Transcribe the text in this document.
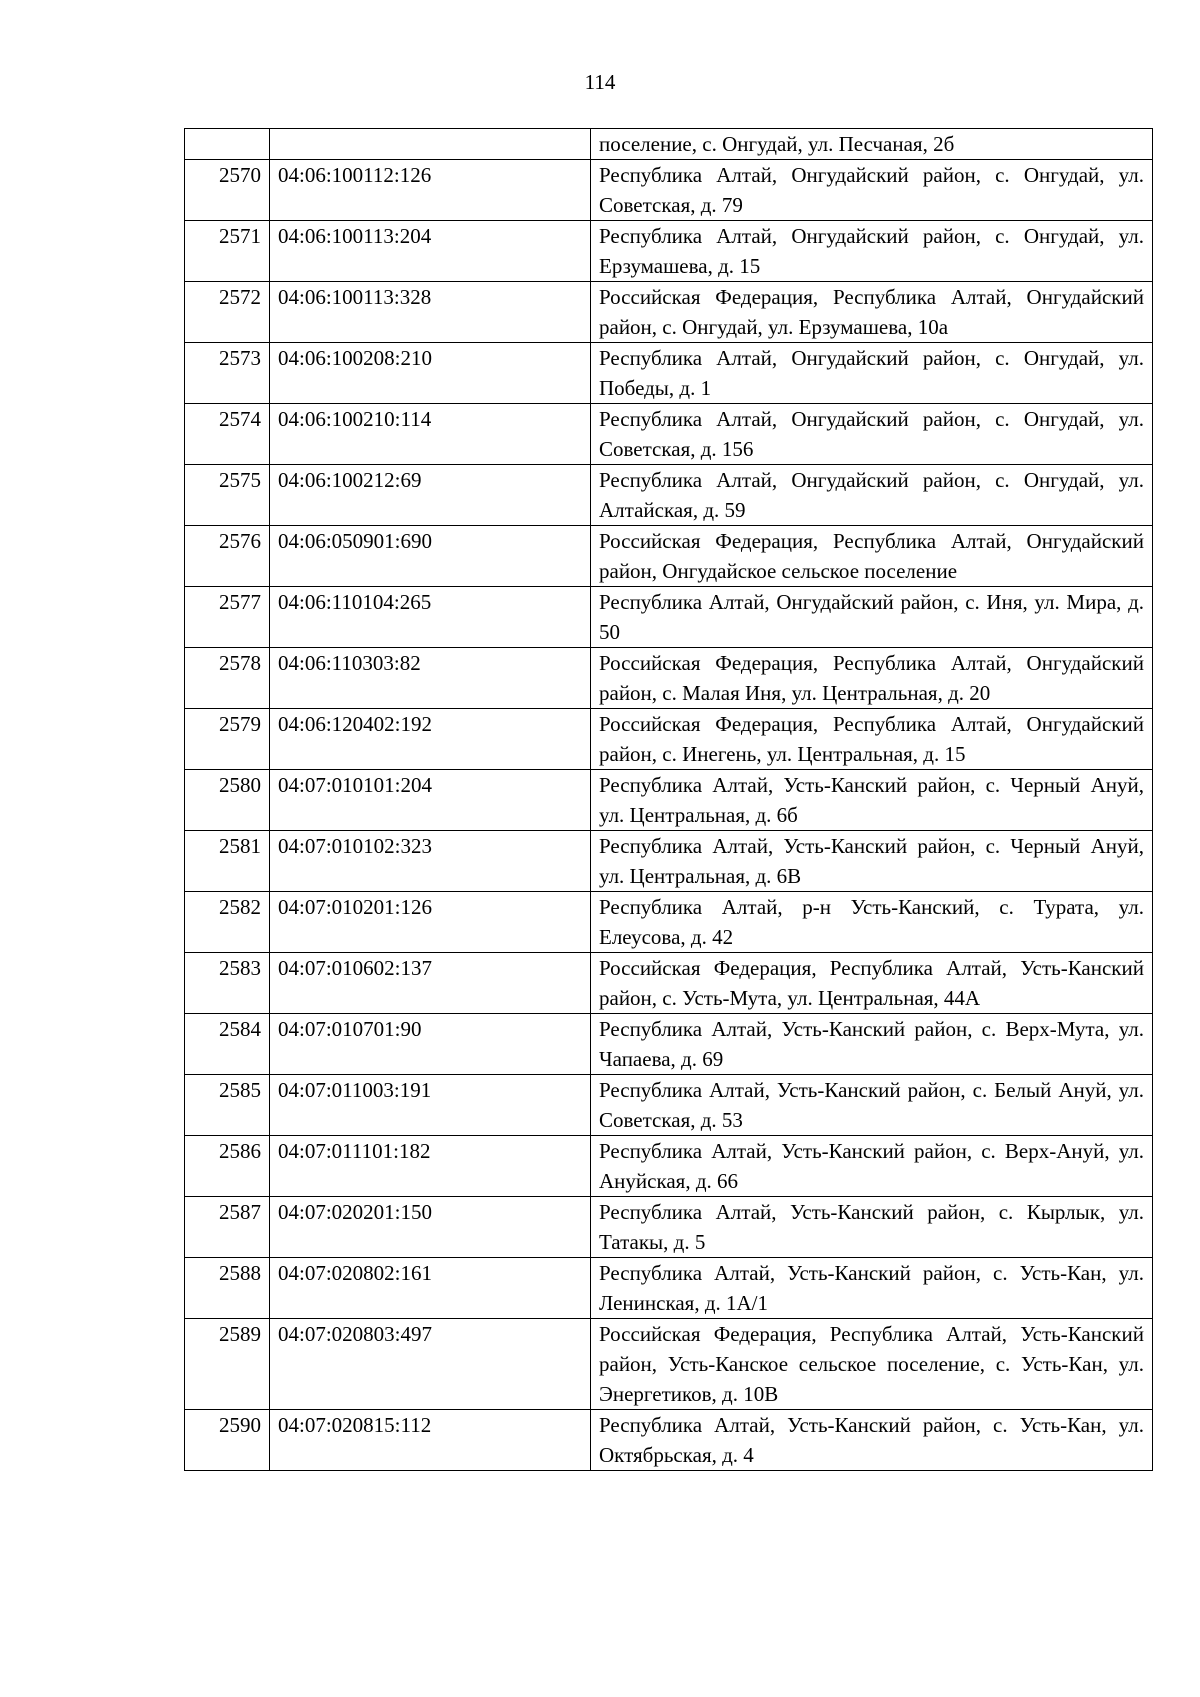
114
		поселение, с. Онгудай, ул. Песчаная, 2б
2570	04:06:100112:126	Республика Алтай, Онгудайский район, с. Онгудай, ул. Советская, д. 79
2571	04:06:100113:204	Республика Алтай, Онгудайский район, с. Онгудай, ул. Ерзумашева, д. 15
2572	04:06:100113:328	Российская Федерация, Республика Алтай, Онгудайский район, с. Онгудай, ул. Ерзумашева, 10а
2573	04:06:100208:210	Республика Алтай, Онгудайский район, с. Онгудай, ул. Победы, д. 1
2574	04:06:100210:114	Республика Алтай, Онгудайский район, с. Онгудай, ул. Советская, д. 156
2575	04:06:100212:69	Республика Алтай, Онгудайский район, с. Онгудай, ул. Алтайская, д. 59
2576	04:06:050901:690	Российская Федерация, Республика Алтай, Онгудайский район, Онгудайское сельское поселение
2577	04:06:110104:265	Республика Алтай, Онгудайский район, с. Иня, ул. Мира, д. 50
2578	04:06:110303:82	Российская Федерация, Республика Алтай, Онгудайский район, с. Малая Иня, ул. Центральная, д. 20
2579	04:06:120402:192	Российская Федерация, Республика Алтай, Онгудайский район, с. Инегень, ул. Центральная, д. 15
2580	04:07:010101:204	Республика Алтай, Усть-Канский район, с. Черный Ануй, ул. Центральная, д. 6б
2581	04:07:010102:323	Республика Алтай, Усть-Канский район, с. Черный Ануй, ул. Центральная, д. 6В
2582	04:07:010201:126	Республика Алтай, р-н Усть-Канский, с. Турата, ул. Елеусова, д. 42
2583	04:07:010602:137	Российская Федерация, Республика Алтай, Усть-Канский район, с. Усть-Мута, ул. Центральная, 44А
2584	04:07:010701:90	Республика Алтай, Усть-Канский район, с. Верх-Мута, ул. Чапаева, д. 69
2585	04:07:011003:191	Республика Алтай, Усть-Канский район, с. Белый Ануй, ул. Советская, д. 53
2586	04:07:011101:182	Республика Алтай, Усть-Канский район, с. Верх-Ануй, ул. Ануйская, д. 66
2587	04:07:020201:150	Республика Алтай, Усть-Канский район, с. Кырлык, ул. Татакы, д. 5
2588	04:07:020802:161	Республика Алтай, Усть-Канский район, с. Усть-Кан, ул. Ленинская, д. 1А/1
2589	04:07:020803:497	Российская Федерация, Республика Алтай, Усть-Канский район, Усть-Канское сельское поселение, с. Усть-Кан, ул. Энергетиков, д. 10В
2590	04:07:020815:112	Республика Алтай, Усть-Канский район, с. Усть-Кан, ул. Октябрьская, д. 4
